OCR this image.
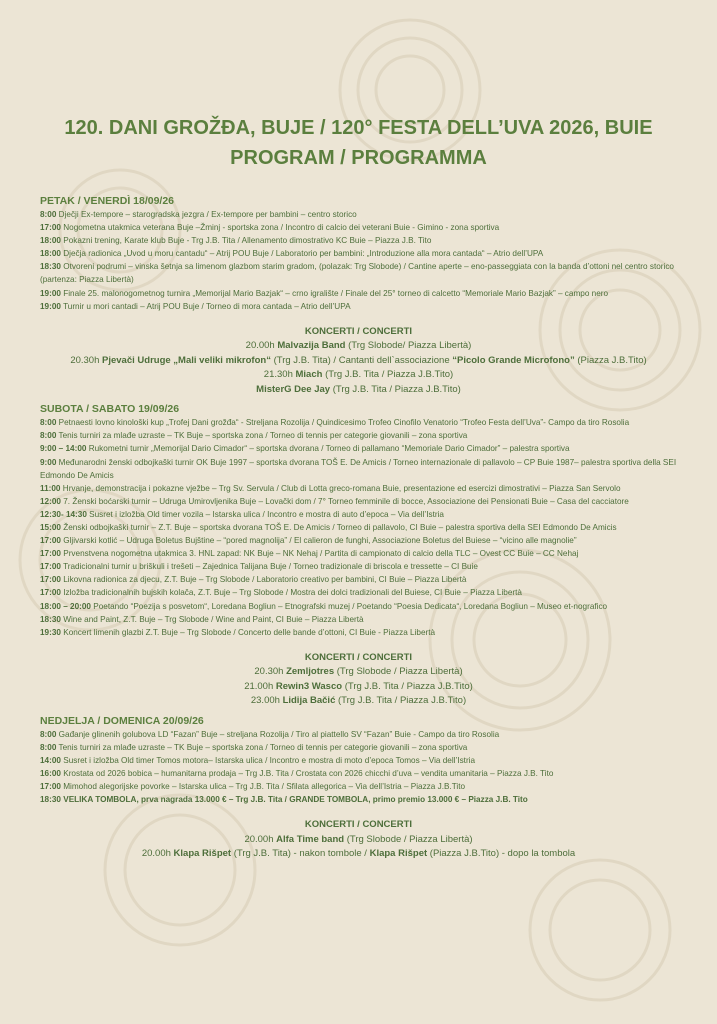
120. DANI GROŽĐA, BUJE / 120° FESTA DELL’UVA 2026, BUIE
PROGRAM / PROGRAMMA
PETAK / VENERDÌ 18/09/26
8:00 Dječji Ex-tempore – starogradska jezgra / Ex-tempore per bambini – centro storico
17:00 Nogometna utakmica veterana Buje –Žminj - sportska zona / Incontro di calcio dei veterani Buie - Gimino - zona sportiva
18:00 Pokazni trening, Karate klub Buje - Trg J.B. Tita / Allenamento dimostrativo KC Buie – Piazza J.B. Tito
18:00 Dječja radionica „Uvod u moru cantadu“ – Atrij POU Buje / Laboratorio per bambini: „Introduzione alla mora cantada“ – Atrio dell’UPA
18:30 Otvoreni podrumi – vinska šetnja sa limenom glazbom starim gradom, (polazak: Trg Slobode) / Cantine aperte – eno-passeggiata con la banda d’ottoni nel centro storico (partenza: Piazza Libertà)
19:00 Finale 25. malonogometnog turnira „Memorijal Mario Bazjak“ – crno igralište / Finale del 25° torneo di calcetto “Memoriale Mario Bazjak” – campo nero
19:00 Turnir u mori cantadi – Atrij POU Buje / Torneo di mora cantada – Atrio dell’UPA
KONCERTI / CONCERTI
20.00h Malvazija Band (Trg Slobode/ Piazza Libertà)
20.30h Pjevači Udruge „Mali veliki mikrofon“ (Trg J.B. Tita) / Cantanti dell`associazione “Picolo Grande Microfono” (Piazza J.B.Tito)
21.30h Miach (Trg J.B. Tita / Piazza J.B.Tito)
MisterG Dee Jay (Trg J.B. Tita / Piazza J.B.Tito)
SUBOTA / SABATO 19/09/26
8:00 Petnaesti lovno kinološki kup „Trofej Dani grožđa“ - Streljana Rozolija / Quindicesimo Trofeo Cinofilo Venatorio “Trofeo Festa dell’Uva”- Campo da tiro Rosolia
8:00 Tenis turniri za mlađe uzraste – TK Buje – sportska zona / Torneo di tennis per categorie giovanili – zona sportiva
9:00 – 14:00 Rukometni turnir „Memorijal Dario Cimador“ – sportska dvorana / Torneo di pallamano “Memoriale Dario Cimador” – palestra sportiva
9:00 Međunarodni ženski odbojkaški turnir OK Buje 1997 – sportska dvorana TOŠ E. De Amicis / Torneo internazionale di pallavolo – CP Buie 1987– palestra sportiva della SEI Edmondo De Amicis
11:00 Hrvanje, demonstracija i pokazne vježbe – Trg Sv. Servula / Club di Lotta greco-romana Buie, presentazione ed esercizi dimostrativi – Piazza San Servolo
12:00 7. Ženski boćarski turnir – Udruga Umirovljenika Buje – Lovački dom / 7° Torneo femminile di bocce, Associazione dei Pensionati Buie – Casa del cacciatore
12:30- 14:30 Susret i izložba Old timer vozila – Istarska ulica / Incontro e mostra di auto d’epoca – Via dell’Istria
15:00 Ženski odbojkaški turnir – Z.T. Buje – sportska dvorana TOŠ E. De Amicis / Torneo di pallavolo, CI Buie – palestra sportiva della SEI Edmondo De Amicis
17:00 Gljivarski kotlić – Udruga Boletus Bujštine – “pored magnolija” / El calieron de funghi, Associazione Boletus del Buiese – “vicino alle magnolie”
17:00 Prvenstvena nogometna utakmica 3. HNL zapad: NK Buje – NK Nehaj / Partita di campionato di calcio della TLC – Ovest CC Buie – CC Nehaj
17:00 Tradicionalni turnir u briškuli i trešeti – Zajednica Talijana Buje / Torneo tradizionale di briscola e tressette – CI Buie
17:00 Likovna radionica za djecu, Z.T. Buje – Trg Slobode / Laboratorio creativo per bambini, CI Buie – Piazza Libertà
17:00 Izložba tradicionalnih bujskih kolača, Z.T. Buje – Trg Slobode / Mostra dei dolci tradizionali del Buiese, CI Buie – Piazza Libertà
18:00 – 20:00 Poetando “Poezija s posvetom“, Loredana Bogliun – Etnografski muzej / Poetando “Poesia Dedicata“, Loredana Bogliun – Museo et-nografico
18:30 Wine and Paint, Z.T. Buje – Trg Slobode / Wine and Paint, CI Buie – Piazza Libertà
19:30 Koncert limenih glazbi Z.T. Buje – Trg Slobode / Concerto delle bande d’ottoni, CI Buie - Piazza Libertà
KONCERTI / CONCERTI
20.30h Zemljotres (Trg Slobode / Piazza Libertà)
21.00h Rewin3 Wasco (Trg J.B. Tita / Piazza J.B.Tito)
23.00h Lidija Bačić (Trg J.B. Tita / Piazza J.B.Tito)
NEDJELJA / DOMENICA 20/09/26
8:00 Gađanje glinenih golubova LD “Fazan” Buje – streljana Rozolija / Tiro al piattello SV “Fazan” Buie - Campo da tiro Rosolia
8:00 Tenis turniri za mlađe uzraste – TK Buje – sportska zona / Torneo di tennis per categorie giovanili – zona sportiva
14:00 Susret i izložba Old timer Tomos motora– Istarska ulica / Incontro e mostra di moto d’epoca Tomos – Via dell’Istria
16:00 Krostata od 2026 bobica – humanitarna prodaja – Trg J.B. Tita / Crostata con 2026 chicchi d’uva – vendita umanitaria – Piazza J.B. Tito
17:00 Mimohod alegorijske povorke – Istarska ulica – Trg J.B. Tita / Sfilata allegorica – Via dell’Istria – Piazza J.B.Tito
18:30 VELIKA TOMBOLA, prva nagrada 13.000 € – Trg J.B. Tita / GRANDE TOMBOLA, primo premio 13.000 € – Piazza J.B. Tito
KONCERTI / CONCERTI
20.00h Alfa Time band (Trg Slobode / Piazza Libertà)
20.00h Klapa Rišpet (Trg J.B. Tita) - nakon tombole / Klapa Rišpet (Piazza J.B.Tito) - dopo la tombola
